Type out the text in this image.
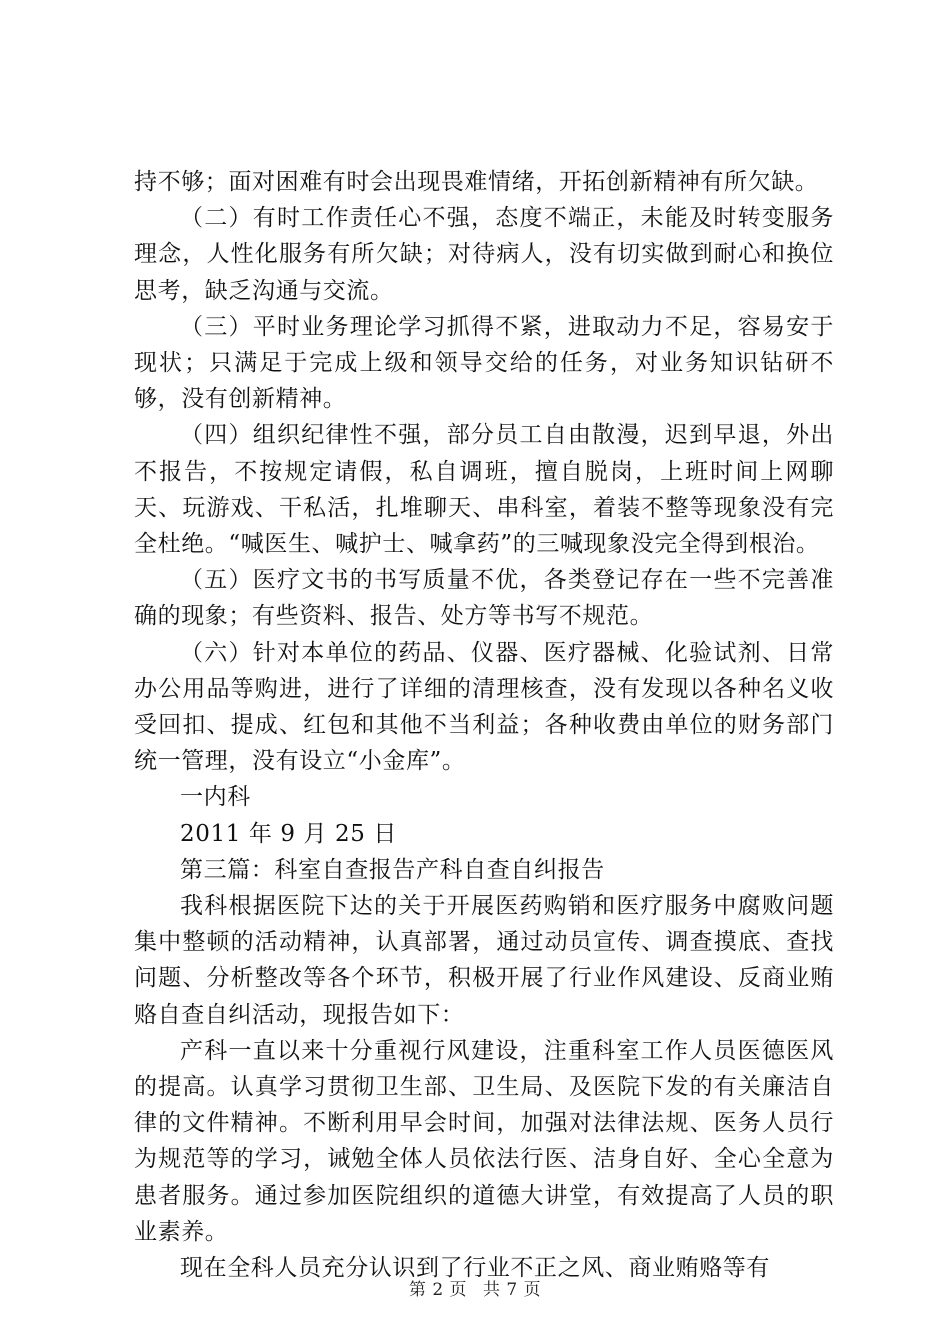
持不够；面对困难有时会出现畏难情绪，开拓创新精神有所欠缺。

（二）有时工作责任心不强，态度不端正，未能及时转变服务理念，人性化服务有所欠缺；对待病人，没有切实做到耐心和换位思考，缺乏沟通与交流。

（三）平时业务理论学习抓得不紧，进取动力不足，容易安于现状；只满足于完成上级和领导交给的任务，对业务知识钻研不够，没有创新精神。

（四）组织纪律性不强，部分员工自由散漫，迟到早退，外出不报告，不按规定请假，私自调班，擅自脱岗，上班时间上网聊天、玩游戏、干私活，扎堆聊天、串科室，着装不整等现象没有完全杜绝。“喊医生、喊护士、喊拿药”的三喊现象没完全得到根治。

（五）医疗文书的书写质量不优，各类登记存在一些不完善准确的现象；有些资料、报告、处方等书写不规范。

（六）针对本单位的药品、仪器、医疗器械、化验试剂、日常办公用品等购进，进行了详细的清理核查，没有发现以各种名义收受回扣、提成、红包和其他不当利益；各种收费由单位的财务部门统一管理，没有设立“小金库”。

一内科

2011 年 9 月 25 日

第三篇：科室自查报告产科自查自纠报告

我科根据医院下达的关于开展医药购销和医疗服务中腐败问题集中整顿的活动精神，认真部署，通过动员宣传、调查摸底、查找问题、分析整改等各个环节，积极开展了行业作风建设、反商业贿赂自查自纠活动，现报告如下：

产科一直以来十分重视行风建设，注重科室工作人员医德医风的提高。认真学习贯彻卫生部、卫生局、及医院下发的有关廉洁自律的文件精神。不断利用早会时间，加强对法律法规、医务人员行为规范等的学习，诫勉全体人员依法行医、洁身自好、全心全意为患者服务。通过参加医院组织的道德大讲堂，有效提高了人员的职业素养。

现在全科人员充分认识到了行业不正之风、商业贿赂等有

第 2 页 共 7 页
